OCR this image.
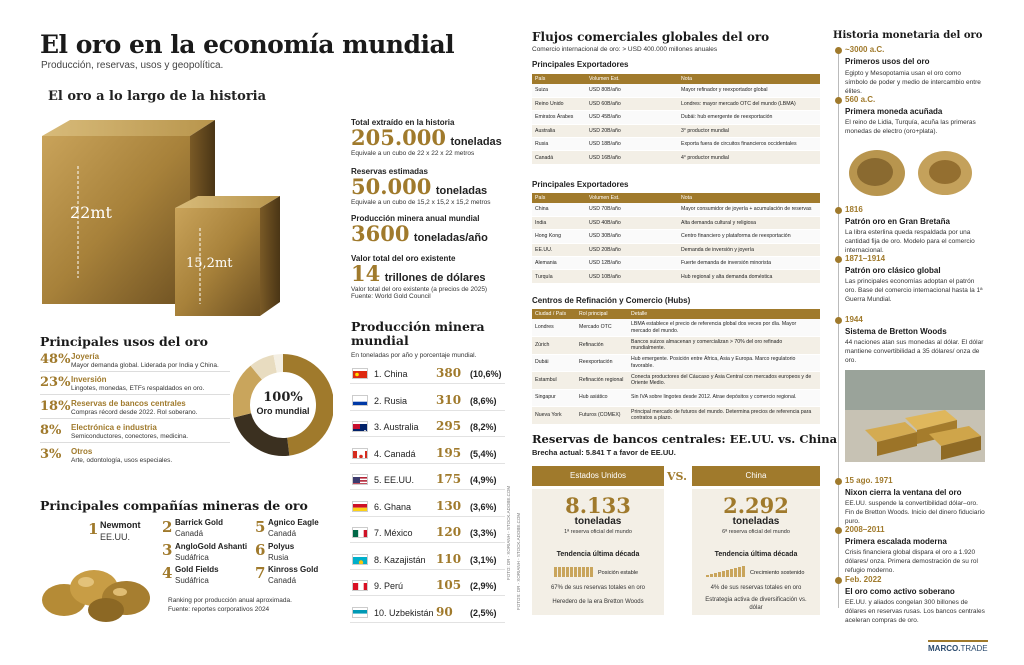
El oro en la economía mundial
Producción, reservas, usos y geopolítica.
El oro a lo largo de la historia
22mt
15,2mt
Total extraído en la historia
205.000 toneladas
Equivale a un cubo de 22 x 22 x 22 metros
Reservas estimadas
50.000 toneladas
Equivale a un cubo de 15,2 x 15,2 x 15,2 metros
Producción minera anual mundial
3600 toneladas/año
Valor total del oro existente
14 trillones de dólares
Valor total del oro existente (a precios de 2025)
Fuente: World Gold Council
Principales usos del oro
48% Joyería
Mayor demanda global. Liderada por India y China.
23% Inversión
Lingotes, monedas, ETFs respaldados en oro.
18% Reservas de bancos centrales
Compras récord desde 2022. Rol soberano.
8% Electrónica e industria
Semiconductores, conectores, medicina.
3% Otros
Arte, odontología, usos especiales.
100%
Oro mundial
Principales compañías mineras de oro
1 Newmont
EE.UU.
2 Barrick Gold
Canadá
3 AngloGold Ashanti
Sudáfrica
4 Gold Fields
Sudáfrica
5 Agnico Eagle
Canadá
6 Polyus
Rusia
7 Kinross Gold
Canadá
Ranking por producción anual aproximada.
Fuente: reportes corporativos 2024
Producción minera mundial
En toneladas por año y porcentaje mundial.
1. China 380 (10,6%)
2. Rusia 310 (8,6%)
3. Australia 295 (8,2%)
4. Canadá 195 (5,4%)
5. EE.UU. 175 (4,9%)
6. Ghana 130 (3,6%)
7. México 120 (3,3%)
8. Kazajistán 110 (3,1%)
9. Perú	105 (2,9%)
10. Uzbekistán 90 (2,5%)
FOTO: DR - XORIANH - STOCK.ADOBE.COM FOTOS: DR - XORIANH - STOCK.ADOBE.COM
Flujos comerciales globales del oro
Comercio internacional de oro: > USD 400.000 millones anuales
Principales Exportadores
País	Volumen Est.	Nota
Suiza	USD 80B/año	Mayor refinador y reexportador global
Reino Unido	USD 60B/año	Londres: mayor mercado OTC del mundo (LBMA)
Emiratos Árabes	USD 45B/año	Dubái: hub emergente de reexportación
Australia	USD 20B/año	3° productor mundial
Rusia	USD 18B/año	Exporta fuera de circuitos financieros occidentales
Canadá	USD 16B/año	4° productor mundial
Principales Exportadores
País	Volumen Est.	Nota
China	USD 70B/año	Mayor consumidor de joyería + acumulación de reservas
India	USD 40B/año	Alta demanda cultural y religiosa
Hong Kong	USD 30B/año	Centro financiero y plataforma de reexportación
EE.UU.	USD 20B/año	Demanda de inversión y joyería
Alemania	USD 12B/año	Fuerte demanda de inversión minorista
Turquía	USD 10B/año	Hub regional y alta demanda doméstica
Centros de Refinación y Comercio (Hubs)
Ciudad / País	Rol principal	Detalle
Londres	Mercado OTC	LBMA establece el precio de referencia global dos veces por día. Mayor mercado del mundo.
Zúrich	Refinación	Bancos suizos almacenan y comercializan > 70% del oro refinado mundialmente.
Dubái	Reexportación	Hub emergente. Posición entre África, Asia y Europa. Marco regulatorio favorable.
Estambul	Refinación regional	Conecta productores del Cáucaso y Asia Central con mercados europeos y de Oriente Medio.
Singapur	Hub asiático	Sin IVA sobre lingotes desde 2012. Atrae depósitos y comercio regional.
Nueva York	Futuros (COMEX)	Principal mercado de futuros del mundo. Determina precios de referencia para contratos a plazo.
Reservas de bancos centrales: EE.UU. vs. China
Brecha actual: 5.841 T a favor de EE.UU.
Estados Unidos	VS.	China
8.133
toneladas
1ª reserva oficial del mundo
Tendencia última década
Posición estable
67% de sus reservas totales en oro
Heredero de la era Bretton Woods
2.292
toneladas
6ª reserva oficial del mundo
Tendencia última década
Crecimiento sostenido
4% de sus reservas totales en oro
Estrategia activa de diversificación vs. dólar
Historia monetaria del oro
~3000 a.C.
Primeros usos del oro
Egipto y Mesopotamia usan el oro como símbolo de poder y medio de intercambio entre élites.
560 a.C.
Primera moneda acuñada
El reino de Lidia, Turquía, acuña las primeras monedas de electro (oro+plata).
1816
Patrón oro en Gran Bretaña
La libra esterlina queda respaldada por una cantidad fija de oro. Modelo para el comercio internacional.
1871–1914
Patrón oro clásico global
Las principales economías adoptan el patrón oro. Base del comercio internacional hasta la 1ª Guerra Mundial.
1944
Sistema de Bretton Woods
44 naciones atan sus monedas al dólar. El dólar mantiene convertibilidad a 35 dólares/ onza de oro.
15 ago. 1971
Nixon cierra la ventana del oro
EE.UU. suspende la convertibilidad dólar–oro. Fin de Bretton Woods. Inicio del dinero fiduciario puro.
2008–2011
Primera escalada moderna
Crisis financiera global dispara el oro a 1.920 dólares/ onza. Primera demostración de su rol refugio moderno.
Feb. 2022
El oro como activo soberano
EE.UU. y aliados congelan 300 billones de dólares en reservas rusas. Los bancos centrales aceleran compras de oro.
MARCO.TRADE
